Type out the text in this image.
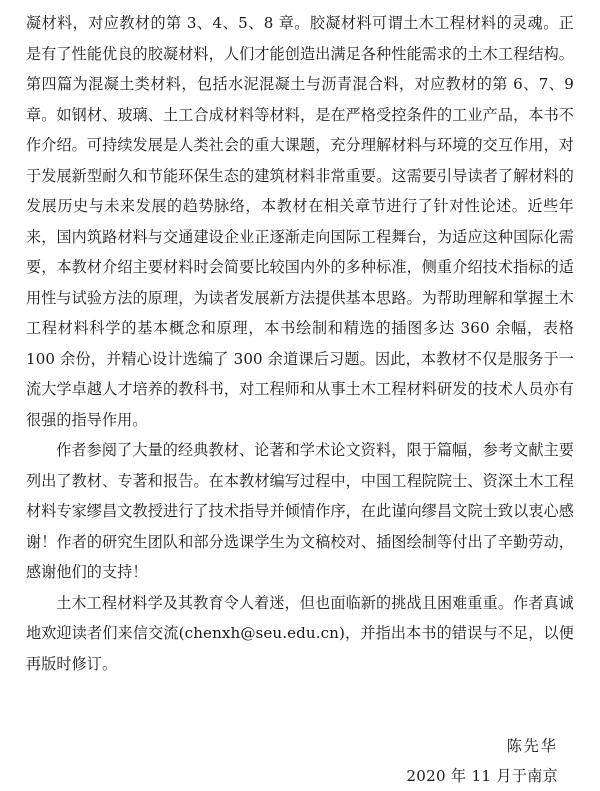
凝材料，对应教材的第 3、4、5、8 章。胶凝材料可谓土木工程材料的灵魂。正是有了性能优良的胶凝材料，人们才能创造出满足各种性能需求的土木工程结构。第四篇为混凝土类材料，包括水泥混凝土与沥青混合料，对应教材的第 6、7、9 章。如钢材、玻璃、土工合成材料等材料，是在严格受控条件的工业产品，本书不作介绍。可持续发展是人类社会的重大课题，充分理解材料与环境的交互作用，对于发展新型耐久和节能环保生态的建筑材料非常重要。这需要引导读者了解材料的发展历史与未来发展的趋势脉络，本教材在相关章节进行了针对性论述。近些年来，国内筑路材料与交通建设企业正逐渐走向国际工程舞台，为适应这种国际化需要，本教材介绍主要材料时会简要比较国内外的多种标准，侧重介绍技术指标的适用性与试验方法的原理，为读者发展新方法提供基本思路。为帮助理解和掌握土木工程材料科学的基本概念和原理，本书绘制和精选的插图多达 360 余幅，表格 100 余份，并精心设计选编了 300 余道课后习题。因此，本教材不仅是服务于一流大学卓越人才培养的教科书，对工程师和从事土木工程材料研发的技术人员亦有很强的指导作用。

作者参阅了大量的经典教材、论著和学术论文资料，限于篇幅，参考文献主要列出了教材、专著和报告。在本教材编写过程中，中国工程院院士、资深土木工程材料专家缪昌文教授进行了技术指导并倾情作序，在此谨向缪昌文院士致以衷心感谢！作者的研究生团队和部分选课学生为文稿校对、插图绘制等付出了辛勤劳动，感谢他们的支持！

土木工程材料学及其教育令人着迷，但也面临新的挑战且困难重重。作者真诚地欢迎读者们来信交流(chenxh@seu.edu.cn)，并指出本书的错误与不足，以便再版时修订。

陈先华
2020 年 11 月于南京
